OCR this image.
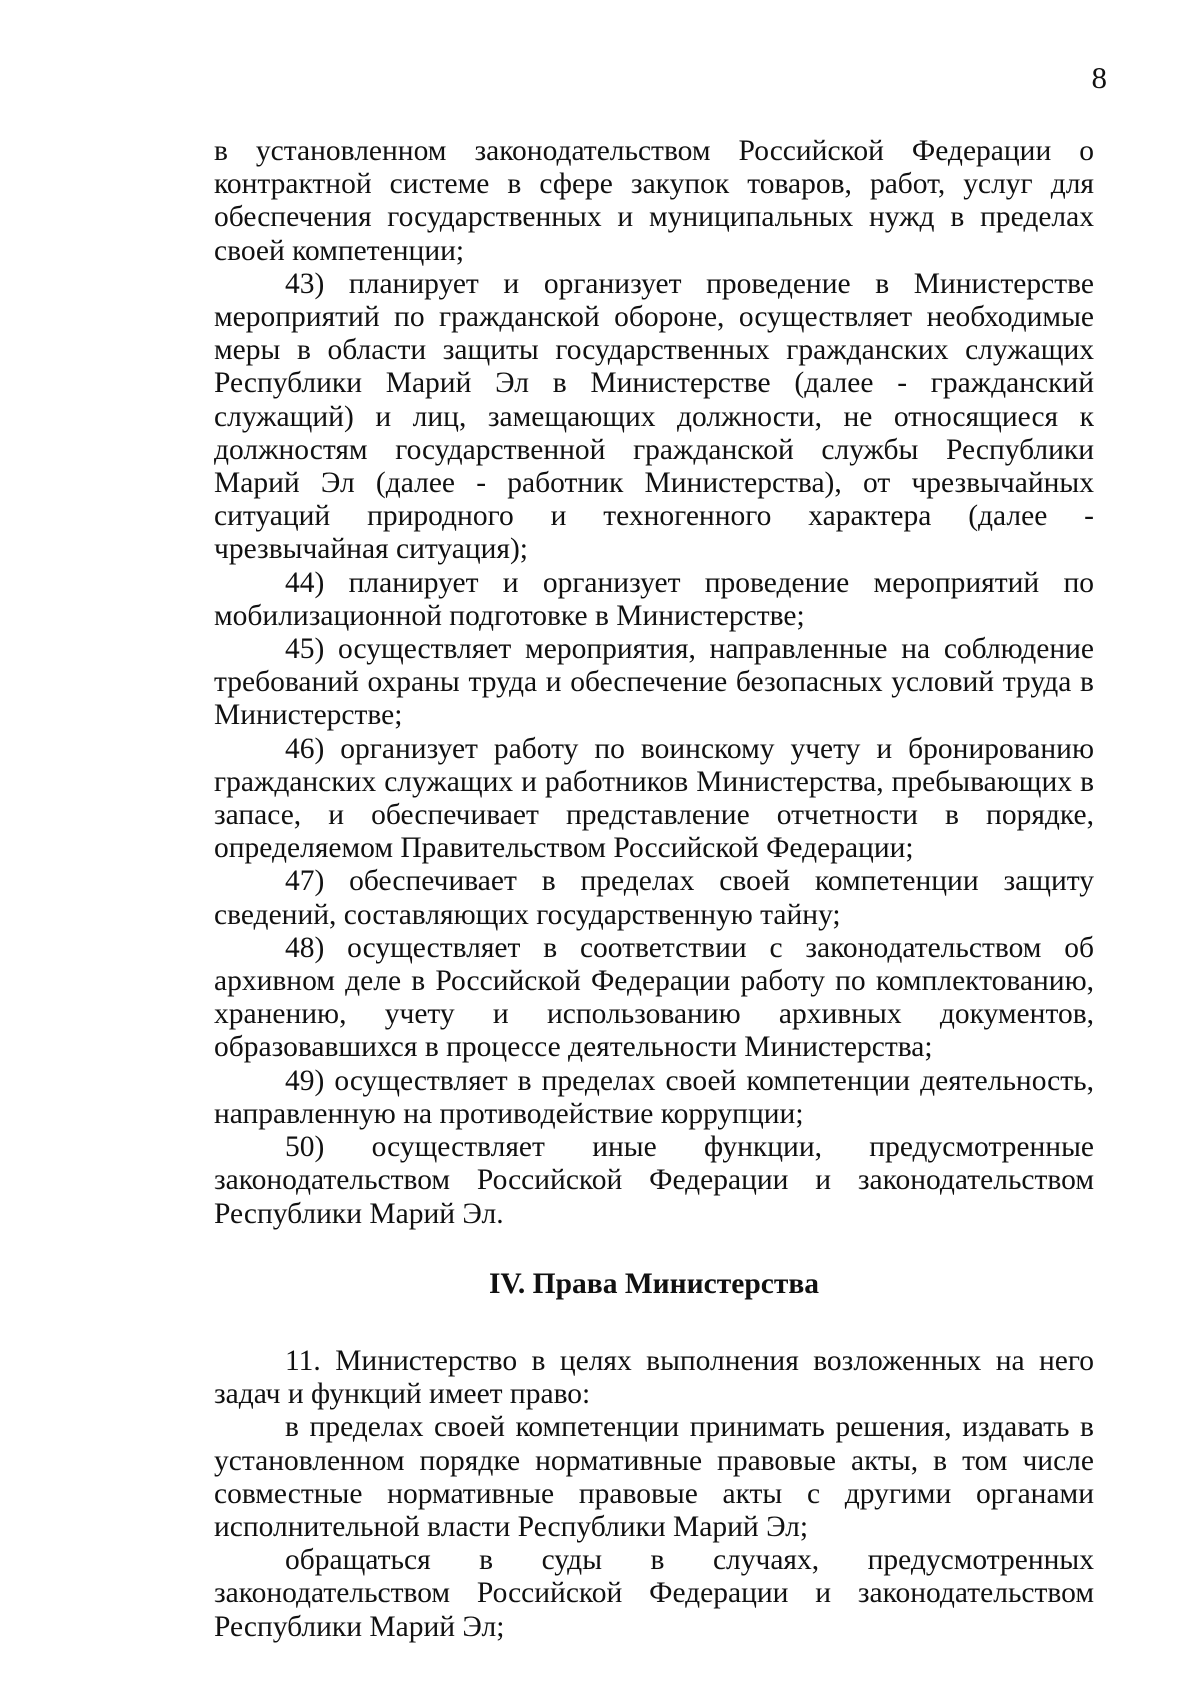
8

в установленном законодательством Российской Федерации о контрактной системе в сфере закупок товаров, работ, услуг для обеспечения государственных и муниципальных нужд в пределах своей компетенции;

43) планирует и организует проведение в Министерстве мероприятий по гражданской обороне, осуществляет необходимые меры в области защиты государственных гражданских служащих Республики Марий Эл в Министерстве (далее - гражданский служащий) и лиц, замещающих должности, не относящиеся к должностям государственной гражданской службы Республики Марий Эл (далее - работник Министерства), от чрезвычайных ситуаций природного и техногенного характера (далее - чрезвычайная ситуация);

44) планирует и организует проведение мероприятий по мобилизационной подготовке в Министерстве;

45) осуществляет мероприятия, направленные на соблюдение требований охраны труда и обеспечение безопасных условий труда в Министерстве;

46) организует работу по воинскому учету и бронированию гражданских служащих и работников Министерства, пребывающих в запасе, и обеспечивает представление отчетности в порядке, определяемом Правительством Российской Федерации;

47) обеспечивает в пределах своей компетенции защиту сведений, составляющих государственную тайну;

48) осуществляет в соответствии с законодательством об архивном деле в Российской Федерации работу по комплектованию, хранению, учету и использованию архивных документов, образовавшихся в процессе деятельности Министерства;

49) осуществляет в пределах своей компетенции деятельность, направленную на противодействие коррупции;

50) осуществляет иные функции, предусмотренные законодательством Российской Федерации и законодательством Республики Марий Эл.

IV. Права Министерства

11. Министерство в целях выполнения возложенных на него задач и функций имеет право:

в пределах своей компетенции принимать решения, издавать в установленном порядке нормативные правовые акты, в том числе совместные нормативные правовые акты с другими органами исполнительной власти Республики Марий Эл;

обращаться в суды в случаях, предусмотренных законодательством Российской Федерации и законодательством Республики Марий Эл;
